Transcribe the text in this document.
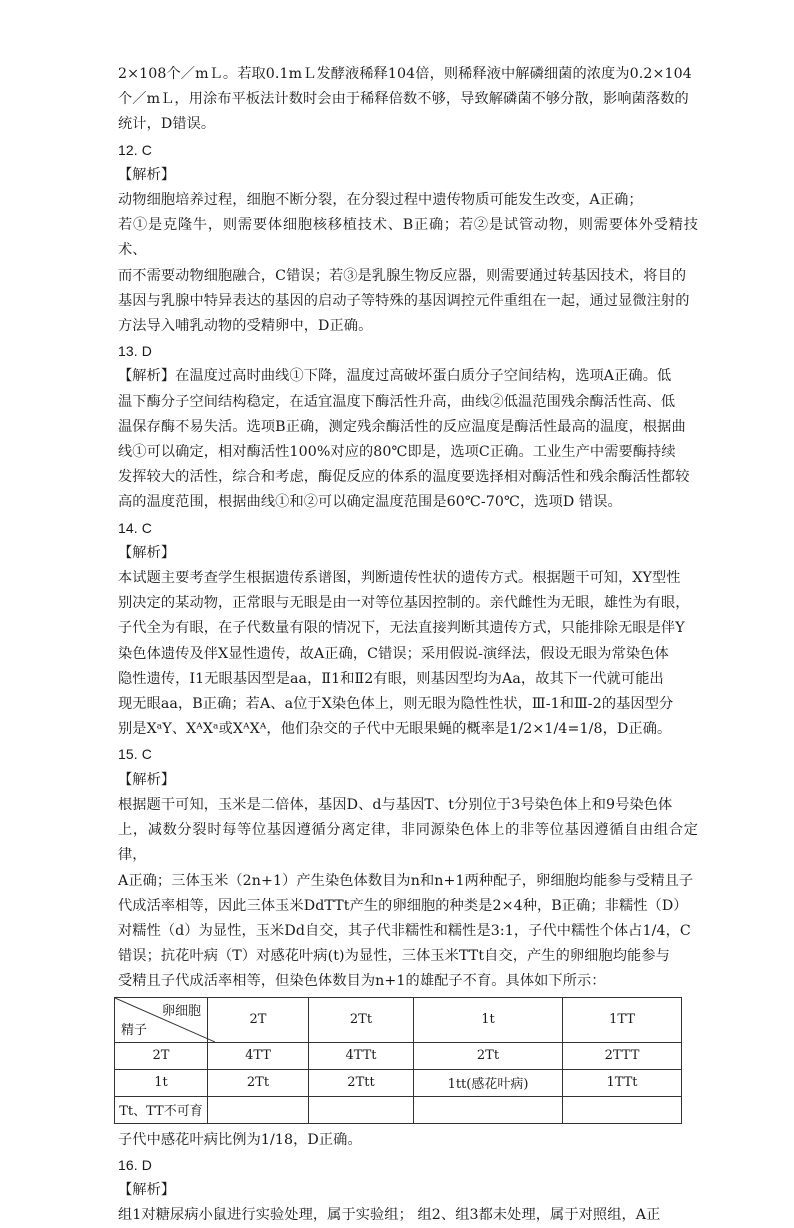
2×108个／mＬ。若取0.1mＬ发酵液稀释104倍，则稀释液中解磷细菌的浓度为0.2×104

个／mＬ，用涂布平板法计数时会由于稀释倍数不够，导致解磷菌不够分散，影响菌落数的

统计，D错误。

12. C

【解析】

动物细胞培养过程，细胞不断分裂，在分裂过程中遗传物质可能发生改变，A正确；

若①是克隆牛，则需要体细胞核移植技术、B正确；若②是试管动物，则需要体外受精技术、

而不需要动物细胞融合，C错误；若③是乳腺生物反应器，则需要通过转基因技术，将目的

基因与乳腺中特异表达的基因的启动子等特殊的基因调控元件重组在一起，通过显微注射的

方法导入哺乳动物的受精卵中，D正确。

13. D

【解析】在温度过高时曲线①下降，温度过高破坏蛋白质分子空间结构，选项A正确。低

温下酶分子空间结构稳定，在适宜温度下酶活性升高，曲线②低温范围残余酶活性高、低

温保存酶不易失活。选项B正确，测定残余酶活性的反应温度是酶活性最高的温度，根据曲

线①可以确定，相对酶活性100%对应的80℃即是，选项C正确。工业生产中需要酶持续

发挥较大的活性，综合和考虑，酶促反应的体系的温度要选择相对酶活性和残余酶活性都较

高的温度范围，根据曲线①和②可以确定温度范围是60℃-70℃，选项D 错误。

14. C

【解析】

本试题主要考查学生根据遗传系谱图，判断遗传性状的遗传方式。根据题干可知，XY型性

别决定的某动物，正常眼与无眼是由一对等位基因控制的。亲代雌性为无眼，雄性为有眼，

子代全为有眼，在子代数量有限的情况下，无法直接判断其遗传方式，只能排除无眼是伴Y

染色体遗传及伴X显性遗传，故A正确，C错误；采用假说-演绎法，假设无眼为常染色体

隐性遗传，Ⅰ1无眼基因型是aa，Ⅱ1和Ⅱ2有眼，则基因型均为Aa，故其下一代就可能出

现无眼aa，B正确；若A、a位于X染色体上，则无眼为隐性性状，Ⅲ-1和Ⅲ-2的基因型分

别是XᵃY、XᴬXᵃ或XᴬXᴬ，他们杂交的子代中无眼果蝇的概率是1/2×1/4=1/8，D正确。

15. C

【解析】

根据题干可知，玉米是二倍体，基因D、d与基因T、t分别位于3号染色体上和9号染色体

上，减数分裂时每等位基因遵循分离定律，非同源染色体上的非等位基因遵循自由组合定律，

A正确；三体玉米（2n+1）产生染色体数目为n和n+1两种配子，卵细胞均能参与受精且子

代成活率相等，因此三体玉米DdTTt产生的卵细胞的种类是2×4种，B正确；非糯性（D）

对糯性（d）为显性，玉米Dd自交，其子代非糯性和糯性是3:1，子代中糯性个体占1/4，C

错误；抗花叶病（T）对感花叶病(t)为显性，三体玉米TTt自交，产生的卵细胞均能参与

受精且子代成活率相等，但染色体数目为n+1的雄配子不育。具体如下所示：

卵细胞
精子	2T	2Tt	1t	1TT
2T	4TT	4TTt	2Tt	2TTT
1t	2Tt	2Ttt	1tt(感花叶病)	1TTt
Tt、TT不可育				

子代中感花叶病比例为1/18，D正确。

16. D

【解析】

组1对糖尿病小鼠进行实验处理，属于实验组； 组2、组3都未处理，属于对照组，A正
